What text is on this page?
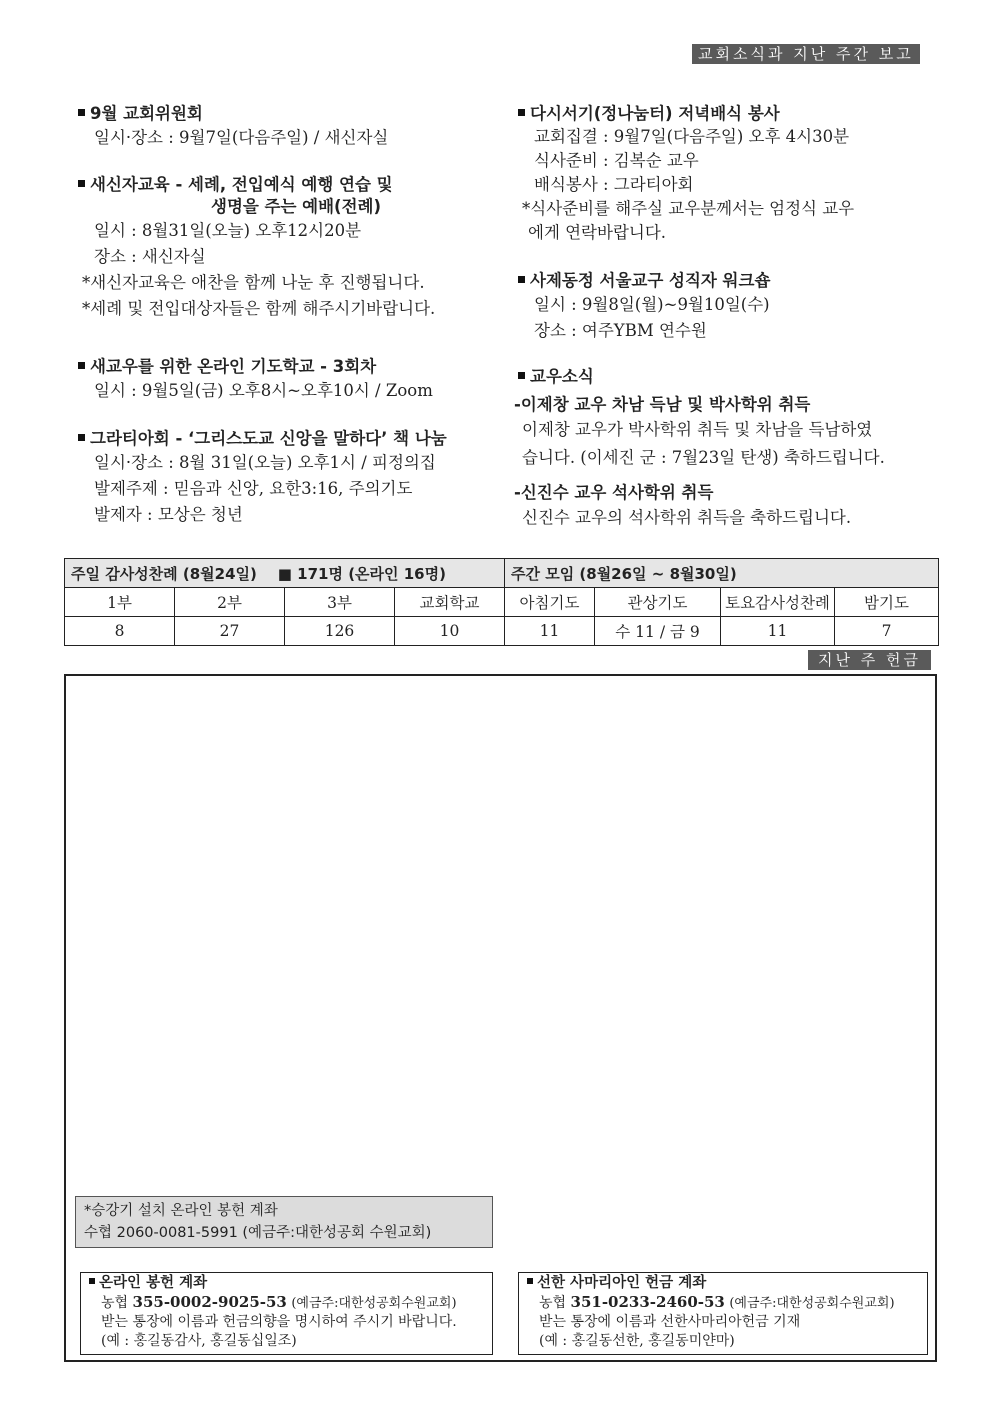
교회소식과 지난 주간 보고
9월 교회위원회
일시·장소 : 9월7일(다음주일) / 새신자실
새신자교육 - 세례, 전입예식 예행 연습 및
생명을 주는 예배(전례)
일시 : 8월31일(오늘) 오후12시20분
장소 : 새신자실
*새신자교육은 애찬을 함께 나눈 후 진행됩니다.
*세례 및 전입대상자들은 함께 해주시기바랍니다.
새교우를 위한 온라인 기도학교 - 3회차
일시 : 9월5일(금) 오후8시~오후10시 / Zoom
그라티아회 - ‘그리스도교 신앙을 말하다’ 책 나눔
일시·장소 : 8월 31일(오늘) 오후1시 / 피정의집
발제주제 : 믿음과 신앙, 요한3:16, 주의기도
발제자 : 모상은 청년
다시서기(정나눔터) 저녁배식 봉사
교회집결 : 9월7일(다음주일) 오후 4시30분
식사준비 : 김복순 교우
배식봉사 : 그라티아회
*식사준비를 해주실 교우분께서는 엄정식 교우
에게 연락바랍니다.
사제동정 서울교구 성직자 워크숍
일시 : 9월8일(월)~9월10일(수)
장소 : 여주YBM 연수원
교우소식
-이제창 교우 차남 득남 및 박사학위 취득
이제창 교우가 박사학위 취득 및 차남을 득남하였
습니다. (이세진 군 : 7월23일 탄생) 축하드립니다.
-신진수 교우 석사학위 취득
신진수 교우의 석사학위 취득을 축하드립니다.
주일 감사성찬례 (8월24일) ■ 171명 (온라인 16명)				주간 모임 (8월26일 ~ 8월30일)			
1부	2부	3부	교회학교	아침기도	관상기도	토요감사성찬례	밤기도
8	27	126	10	11	수 11 / 금 9	11	7
지난 주 헌금
*승강기 설치 온라인 봉헌 계좌
수협 2060-0081-5991 (예금주:대한성공회 수원교회)
온라인 봉헌 계좌
농협 355-0002-9025-53 (예금주:대한성공회수원교회)
받는 통장에 이름과 헌금의향을 명시하여 주시기 바랍니다.
(예 : 홍길동감사, 홍길동십일조)
선한 사마리아인 헌금 계좌
농협 351-0233-2460-53 (예금주:대한성공회수원교회)
받는 통장에 이름과 선한사마리아헌금 기재
(예 : 홍길동선한, 홍길동미얀마)
